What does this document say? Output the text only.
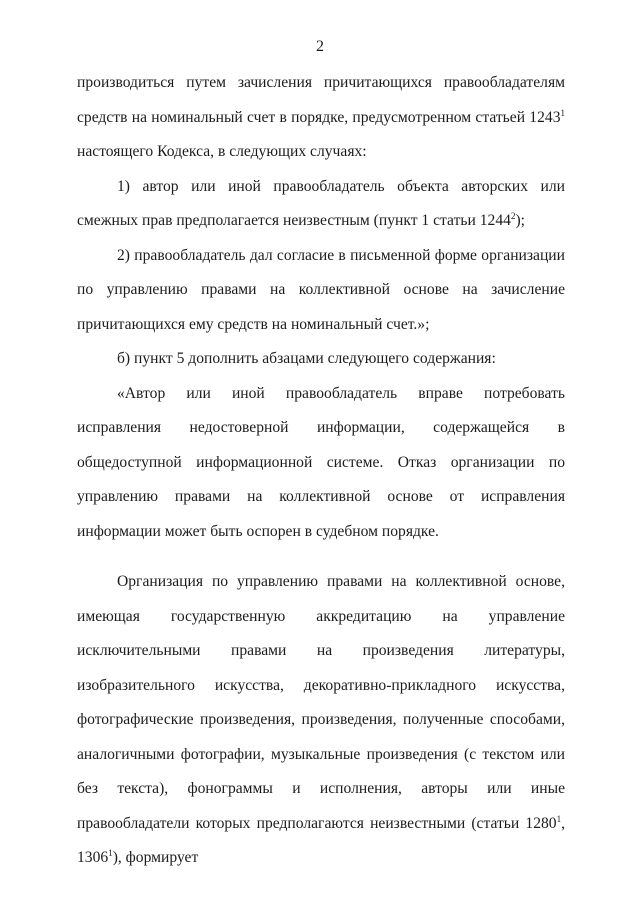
2

производиться путем зачисления причитающихся правообладателям средств на номинальный счет в порядке, предусмотренном статьей 1243$^1$ настоящего Кодекса, в следующих случаях:

1) автор или иной правообладатель объекта авторских или смежных прав предполагается неизвестным (пункт 1 статьи 1244$^2$);

2) правообладатель дал согласие в письменной форме организации по управлению правами на коллективной основе на зачисление причитающихся ему средств на номинальный счет.»;

б) пункт 5 дополнить абзацами следующего содержания:

«Автор или иной правообладатель вправе потребовать исправления недостоверной информации, содержащейся в общедоступной информационной системе. Отказ организации по управлению правами на коллективной основе от исправления информации может быть оспорен в судебном порядке.

Организация по управлению правами на коллективной основе, имеющая государственную аккредитацию на управление исключительными правами на произведения литературы, изобразительного искусства, декоративно-прикладного искусства, фотографические произведения, произведения, полученные способами, аналогичными фотографии, музыкальные произведения (с текстом или без текста), фонограммы и исполнения, авторы или иные правообладатели которых предполагаются неизвестными (статьи 1280$^1$, 1306$^1$), формирует
